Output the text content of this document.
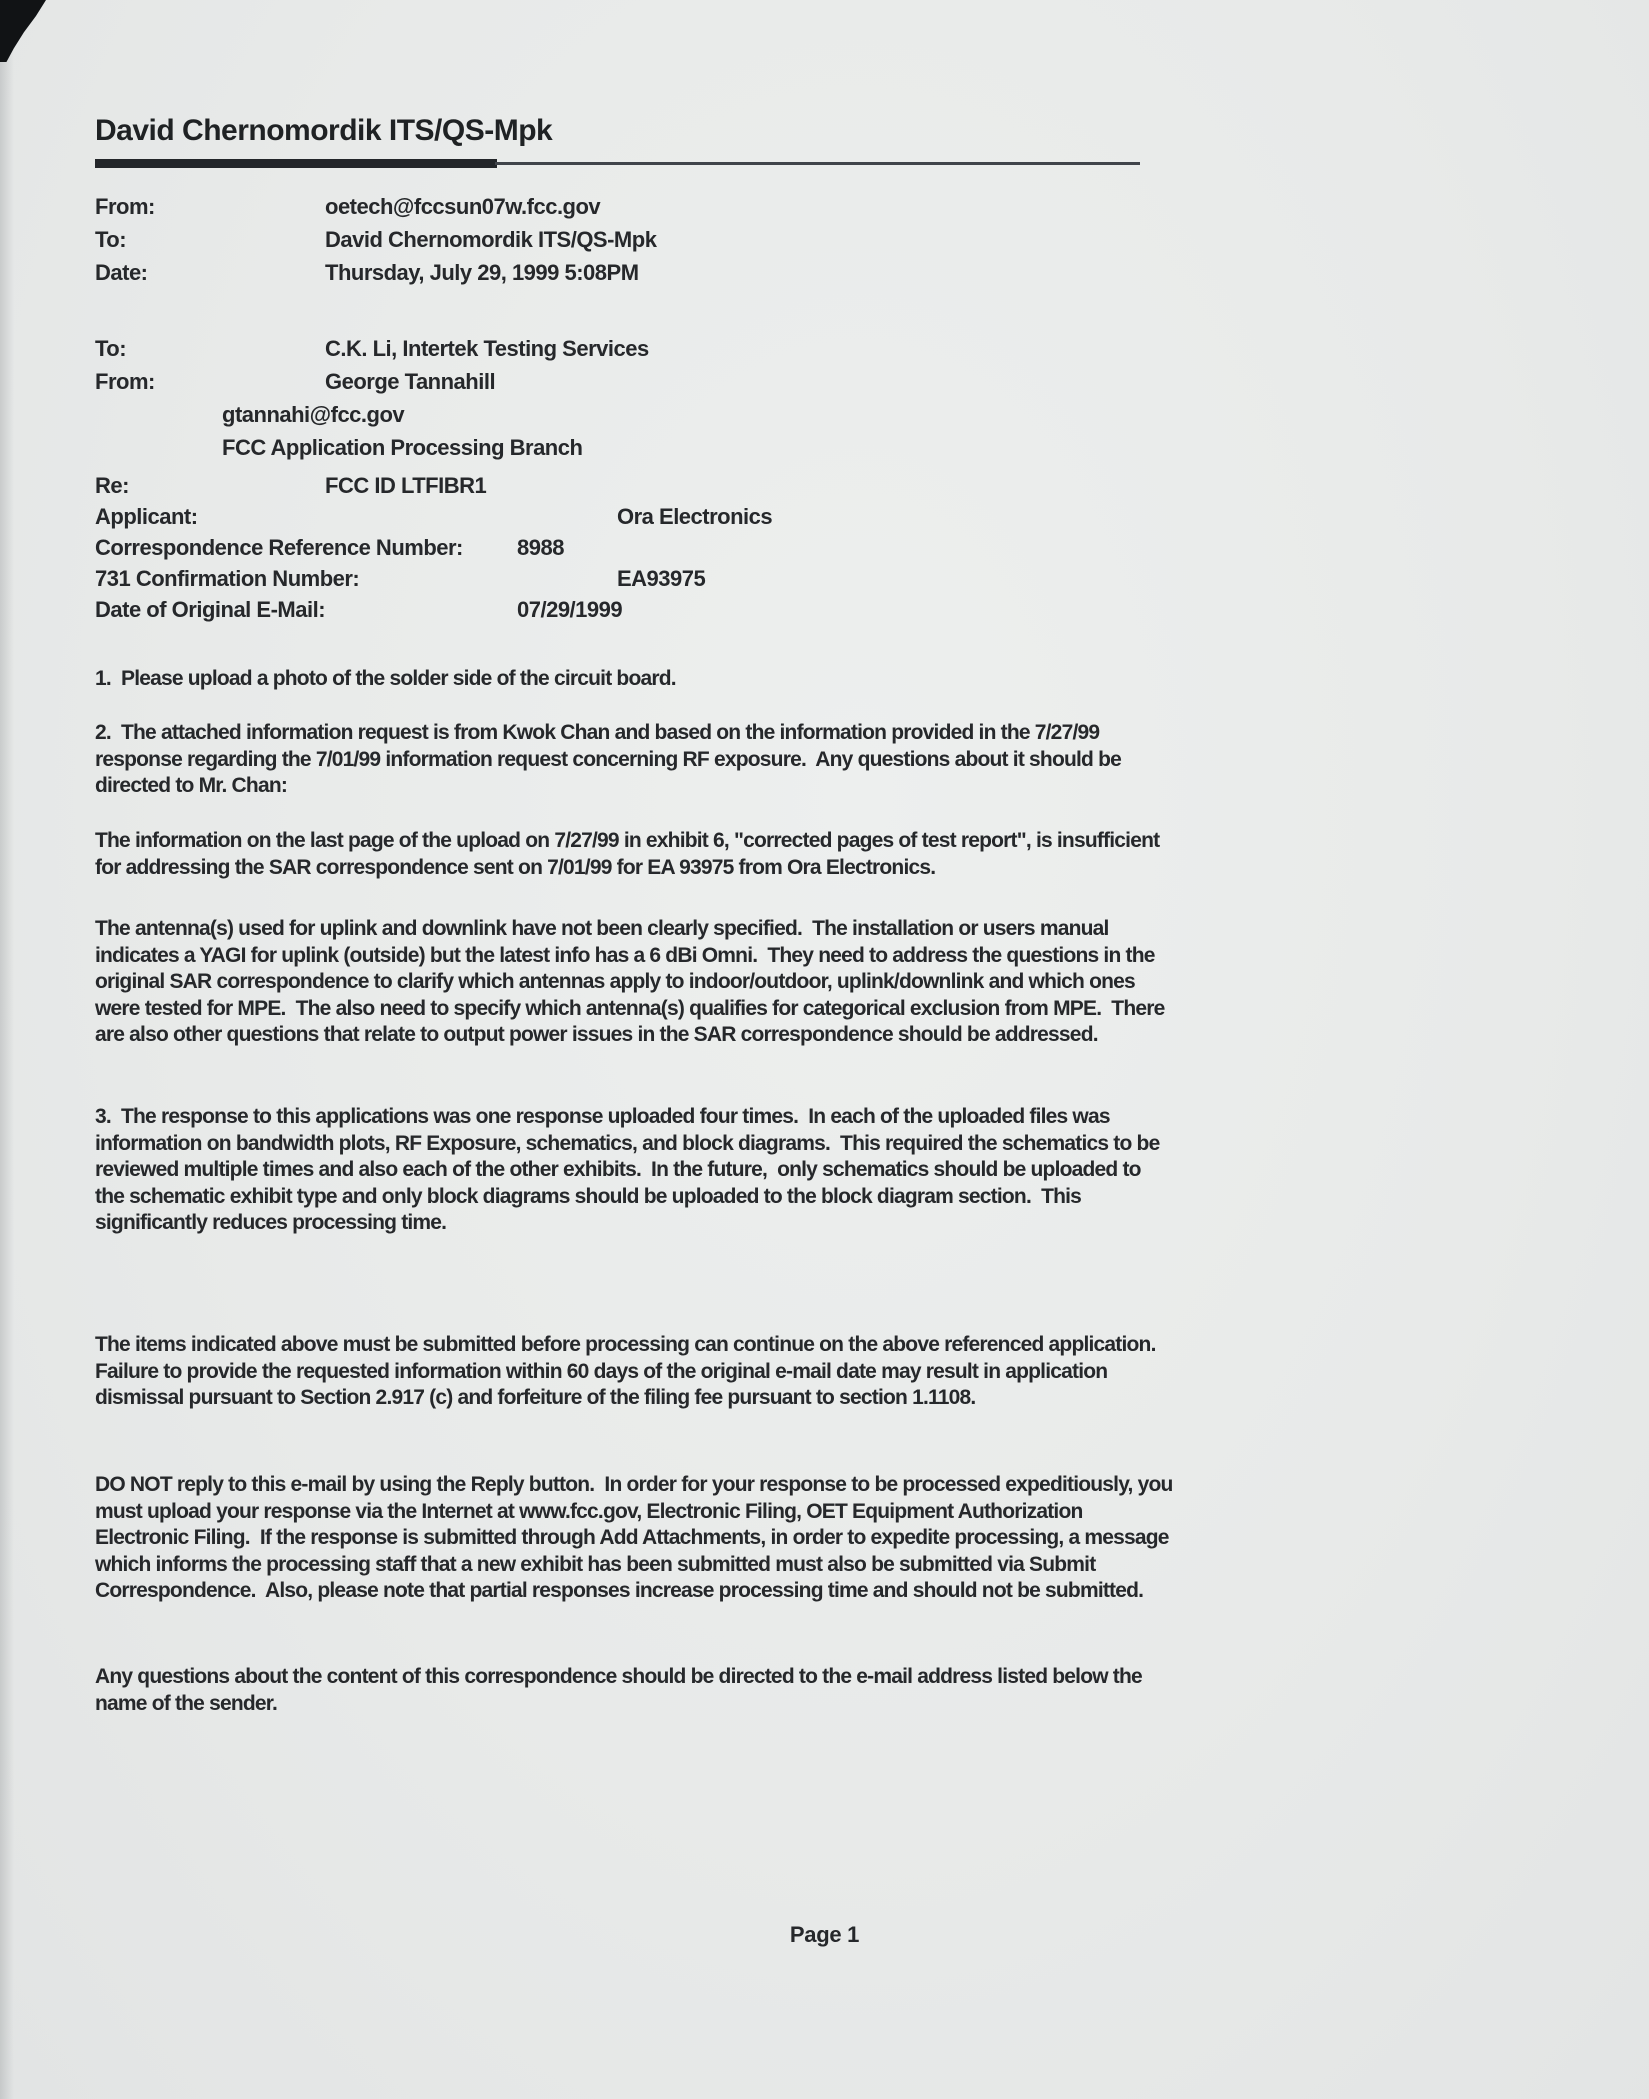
David Chernomordik ITS/QS-Mpk
From:	oetech@fccsun07w.fcc.gov
To:	David Chernomordik ITS/QS-Mpk
Date:	Thursday, July 29, 1999 5:08PM
To:	C.K. Li, Intertek Testing Services
From:	George Tannahill
gtannahi@fcc.gov
FCC Application Processing Branch
Re:	FCC ID LTFIBR1
Applicant:	Ora Electronics
Correspondence Reference Number: 8988
731 Confirmation Number:	EA93975
Date of Original E-Mail:	07/29/1999
1.  Please upload a photo of the solder side of the circuit board.
2.  The attached information request is from Kwok Chan and based on the information provided in the 7/27/99 response regarding the 7/01/99 information request concerning RF exposure.  Any questions about it should be directed to Mr. Chan:
The information on the last page of the upload on 7/27/99 in exhibit 6, "corrected pages of test report", is insufficient for addressing the SAR correspondence sent on 7/01/99 for EA 93975 from Ora Electronics.
The antenna(s) used for uplink and downlink have not been clearly specified.  The installation or users manual indicates a YAGI for uplink (outside) but the latest info has a 6 dBi Omni.  They need to address the questions in the original SAR correspondence to clarify which antennas apply to indoor/outdoor, uplink/downlink and which ones were tested for MPE.  The also need to specify which antenna(s) qualifies for categorical exclusion from MPE.  There are also other questions that relate to output power issues in the SAR correspondence should be addressed.
3.  The response to this applications was one response uploaded four times.  In each of the uploaded files was information on bandwidth plots, RF Exposure, schematics, and block diagrams.  This required the schematics to be reviewed multiple times and also each of the other exhibits.  In the future,  only schematics should be uploaded to the schematic exhibit type and only block diagrams should be uploaded to the block diagram section.  This significantly reduces processing time.
The items indicated above must be submitted before processing can continue on the above referenced application.  Failure to provide the requested information within 60 days of the original e-mail date may result in application dismissal pursuant to Section 2.917 (c) and forfeiture of the filing fee pursuant to section 1.1108.
DO NOT reply to this e-mail by using the Reply button.  In order for your response to be processed expeditiously, you must upload your response via the Internet at www.fcc.gov, Electronic Filing, OET Equipment Authorization Electronic Filing.  If the response is submitted through Add Attachments, in order to expedite processing, a message which informs the processing staff that a new exhibit has been submitted must also be submitted via Submit Correspondence.  Also, please note that partial responses increase processing time and should not be submitted.
Any questions about the content of this correspondence should be directed to the e-mail address listed below the name of the sender.
Page 1
